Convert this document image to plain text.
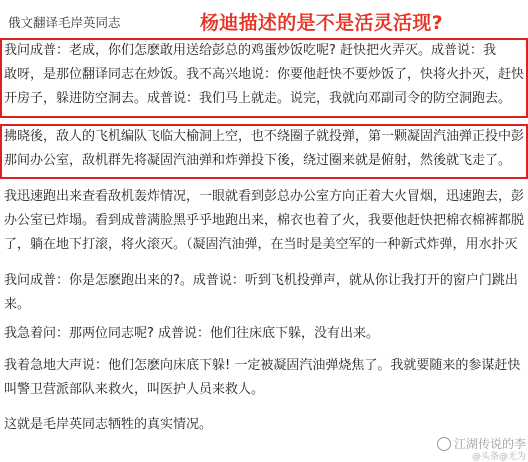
俄文翻译毛岸英同志	杨迪描述的是不是活灵活现?
我问成普：老成，你们怎麽敢用送给彭总的鸡蛋炒饭吃呢? 赶快把火弄灭。成普说：我
敢呀，是那位翻译同志在炒饭。我不高兴地说：你要他赶快不要炒饭了，快将火扑灭，赶快
开房子，躲进防空洞去。成普说：我们马上就走。说完，我就向邓副司令的防空洞跑去。
拂晓後，敌人的飞机编队飞临大榆洞上空，也不绕圈子就投弹，第一颗凝固汽油弹正投中彭
那间办公室，敌机群先将凝固汽油弹和炸弹投下後，绕过圈来就是俯射，然後就飞走了。
我迅速跑出来查看敌机轰炸情况，一眼就看到彭总办公室方向正着大火冒烟，迅速跑去，彭
办公室已炸塌。看到成普满脸黑乎乎地跑出来，棉衣也着了火，我要他赶快把棉衣棉裤都脱
了，躺在地下打滚，将火滚灭。（凝固汽油弹，在当时是美空军的一种新式炸弹，用水扑灭
我问成普：你是怎麽跑出来的?。成普说：听到飞机投弹声，就从你让我打开的窗户门跳出
来。
我急着问：那两位同志呢? 成普说：他们往床底下躲，没有出来。
我着急地大声说：他们怎麽向床底下躲! 一定被凝固汽油弹烧焦了。我就要随来的参谋赶快
叫警卫营派部队来救火，叫医护人员来救人。
这就是毛岸英同志牺牲的真实情况。
江湖传说的李
@头条@无为
